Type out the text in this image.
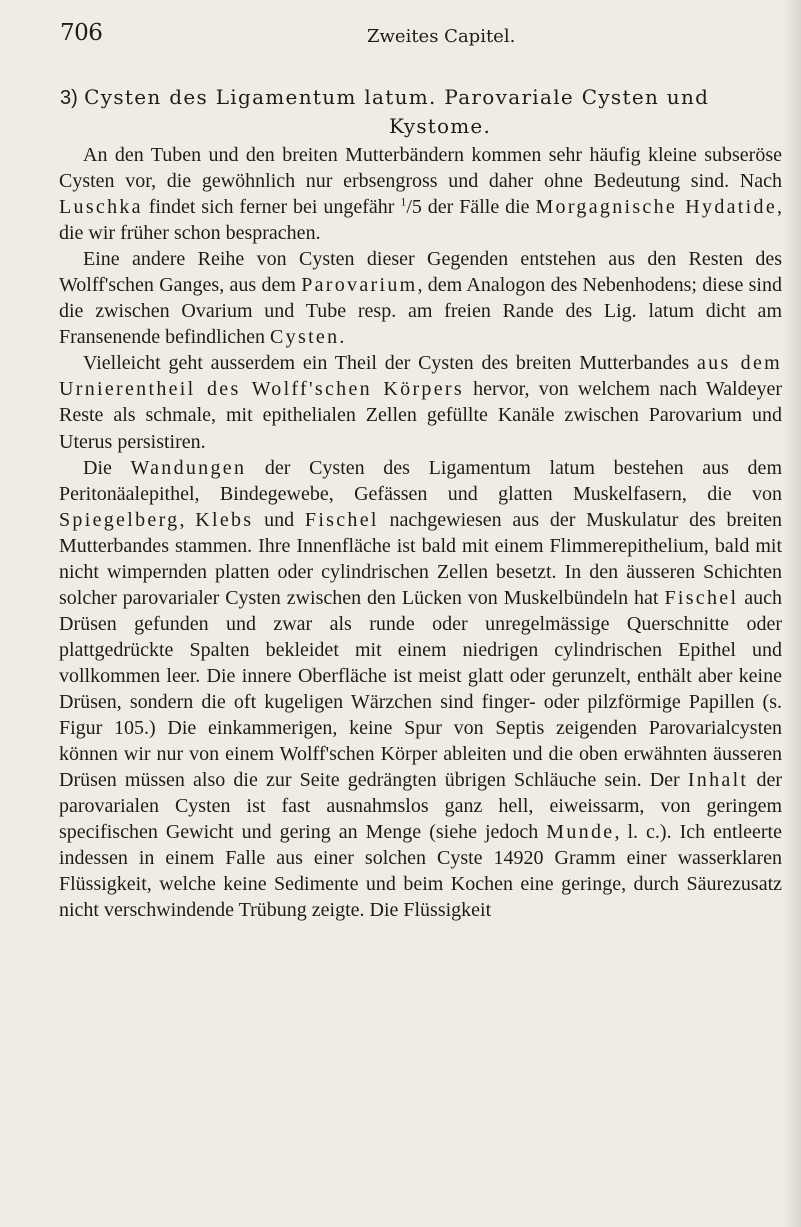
706	Zweites Capitel.
3) Cysten des Ligamentum latum. Parovariale Cysten und
Kystome.

An den Tuben und den breiten Mutterbändern kommen sehr häufig kleine subseröse Cysten vor, die gewöhnlich nur erbsengross und daher ohne Bedeutung sind. Nach Luschka findet sich ferner bei ungefähr $^1$/5 der Fälle die Morgagnische Hydatide, die wir früher schon besprachen.

Eine andere Reihe von Cysten dieser Gegenden entstehen aus den Resten des Wolff'schen Ganges, aus dem Parovarium, dem Analogon des Nebenhodens; diese sind die zwischen Ovarium und Tube resp. am freien Rande des Lig. latum dicht am Fransenende befindlichen Cysten.

Vielleicht geht ausserdem ein Theil der Cysten des breiten Mutterbandes aus dem Urnierentheil des Wolff'schen Körpers hervor, von welchem nach Waldeyer Reste als schmale, mit epithelialen Zellen gefüllte Kanäle zwischen Parovarium und Uterus persistiren.

Die Wandungen der Cysten des Ligamentum latum bestehen aus dem Peritonäalepithel, Bindegewebe, Gefässen und glatten Muskelfasern, die von Spiegelberg, Klebs und Fischel nachgewiesen aus der Muskulatur des breiten Mutterbandes stammen. Ihre Innenfläche ist bald mit einem Flimmerepithelium, bald mit nicht wimpernden platten oder cylindrischen Zellen besetzt. In den äusseren Schichten solcher parovarialer Cysten zwischen den Lücken von Muskelbündeln hat Fischel auch Drüsen gefunden und zwar als runde oder unregelmässige Querschnitte oder plattgedrückte Spalten bekleidet mit einem niedrigen cylindrischen Epithel und vollkommen leer. Die innere Oberfläche ist meist glatt oder gerunzelt, enthält aber keine Drüsen, sondern die oft kugeligen Wärzchen sind finger- oder pilzförmige Papillen (s. Figur 105.) Die einkammerigen, keine Spur von Septis zeigenden Parovarialcysten können wir nur von einem Wolff'schen Körper ableiten und die oben erwähnten äusseren Drüsen müssen also die zur Seite gedrängten übrigen Schläuche sein. Der Inhalt der parovarialen Cysten ist fast ausnahmslos ganz hell, eiweissarm, von geringem specifischen Gewicht und gering an Menge (siehe jedoch Munde, l. c.). Ich entleerte indessen in einem Falle aus einer solchen Cyste 14920 Gramm einer wasserklaren Flüssigkeit, welche keine Sedimente und beim Kochen eine geringe, durch Säurezusatz nicht verschwindende Trübung zeigte. Die Flüssigkeit
